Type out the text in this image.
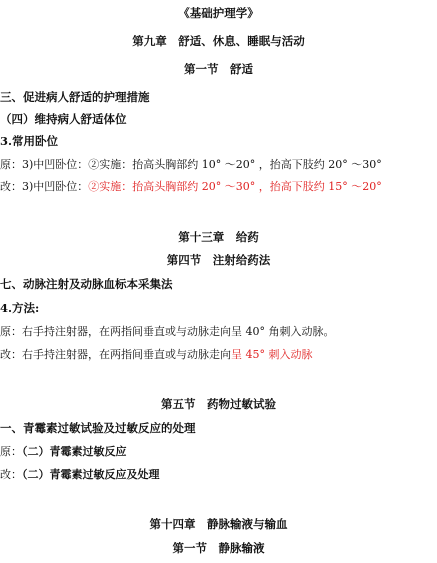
《基础护理学》
第九章　舒适、休息、睡眠与活动
第一节　舒适
三、促进病人舒适的护理措施
（四）维持病人舒适体位
3.常用卧位
原：3)中凹卧位：②实施：抬高头胸部约 10° ～20° ，抬高下肢约 20° ～30°
改：3)中凹卧位：②实施：抬高头胸部约 20° ～30° ，抬高下肢约 15° ～20°
第十三章　给药
第四节　注射给药法
七、动脉注射及动脉血标本采集法
4.方法:
原：右手持注射器，在两指间垂直或与动脉走向呈 40° 角刺入动脉。
改：右手持注射器，在两指间垂直或与动脉走向呈 45° 刺入动脉
第五节　药物过敏试验
一、青霉素过敏试验及过敏反应的处理
原：（二）青霉素过敏反应
改：（二）青霉素过敏反应及处理
第十四章　静脉输液与输血
第一节　静脉输液
